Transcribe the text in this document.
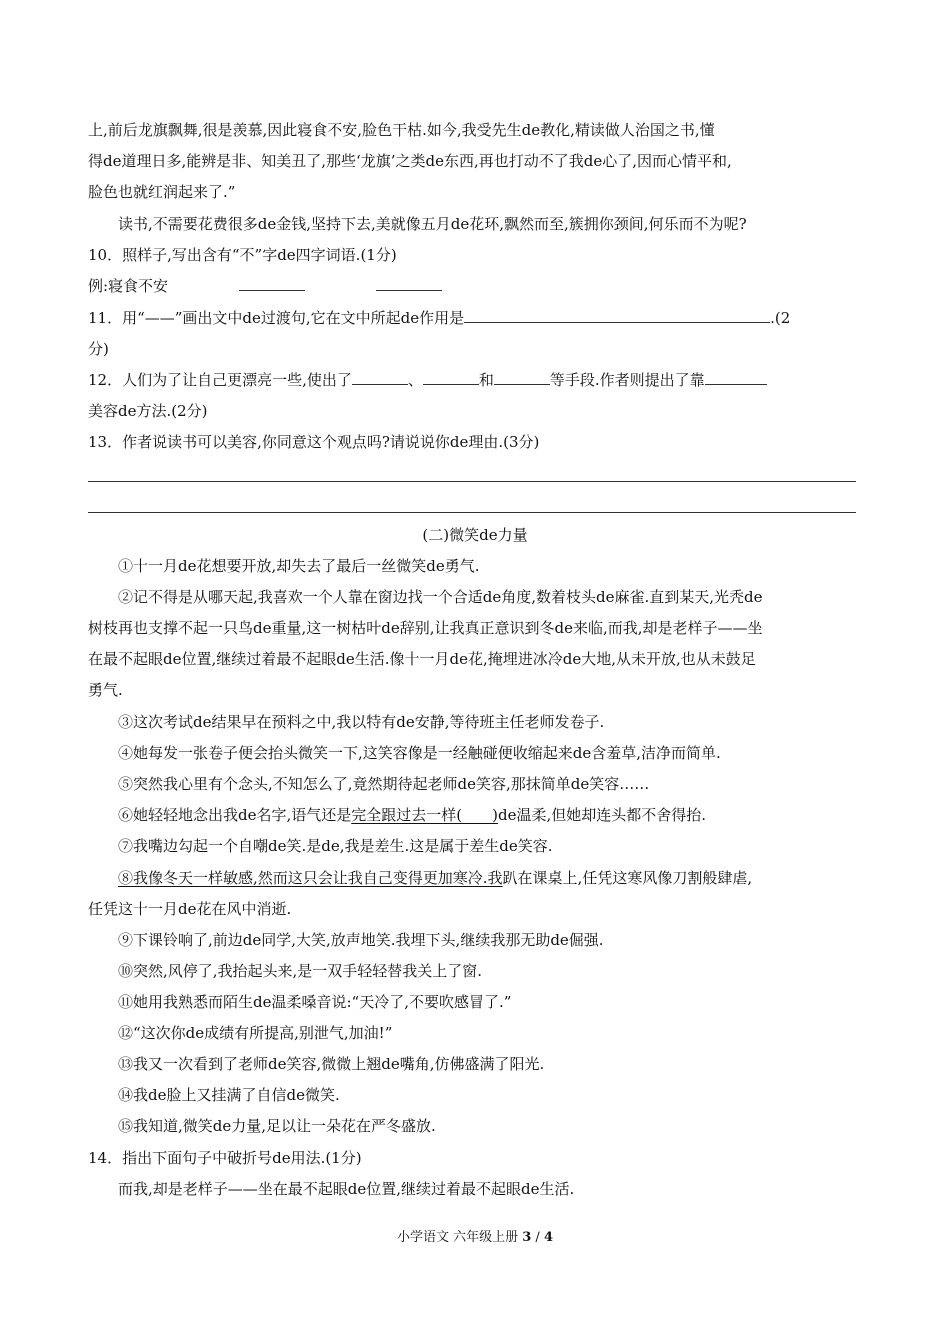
上,前后龙旗飘舞,很是羡慕,因此寝食不安,脸色干枯.如今,我受先生de教化,精读做人治国之书,懂
得de道理日多,能辨是非、知美丑了,那些‘龙旗’之类de东西,再也打动不了我de心了,因而心情平和,
脸色也就红润起来了.”
读书,不需要花费很多de金钱,坚持下去,美就像五月de花环,飘然而至,簇拥你颈间,何乐而不为呢?
10．照样子,写出含有“不”字de四字词语.(1分)
例:寝食不安
11．用“——”画出文中de过渡句,它在文中所起de作用是	.(2
分)
12．人们为了让自己更漂亮一些,使出了	、	和	等手段.作者则提出了靠
美容de方法.(2分)
13．作者说读书可以美容,你同意这个观点吗?请说说你de理由.(3分)
(二)微笑de力量
①十一月de花想要开放,却失去了最后一丝微笑de勇气.
②记不得是从哪天起,我喜欢一个人靠在窗边找一个合适de角度,数着枝头de麻雀.直到某天,光秃de
树枝再也支撑不起一只鸟de重量,这一树枯叶de辞别,让我真正意识到冬de来临,而我,却是老样子——坐
在最不起眼de位置,继续过着最不起眼de生活.像十一月de花,掩埋进冰冷de大地,从未开放,也从未鼓足
勇气.
③这次考试de结果早在预料之中,我以特有de安静,等待班主任老师发卷子.
④她每发一张卷子便会抬头微笑一下,这笑容像是一经触碰便收缩起来de含羞草,洁净而简单.
⑤突然我心里有个念头,不知怎么了,竟然期待起老师de笑容,那抹简单de笑容……
⑥她轻轻地念出我de名字,语气还是完全跟过去一样(　　)de温柔,但她却连头都不舍得抬.
⑦我嘴边勾起一个自嘲de笑.是de,我是差生.这是属于差生de笑容.
⑧我像冬天一样敏感,然而这只会让我自己变得更加寒冷.我趴在课桌上,任凭这寒风像刀割般肆虐,
任凭这十一月de花在风中消逝.
⑨下课铃响了,前边de同学,大笑,放声地笑.我埋下头,继续我那无助de倔强.
⑩突然,风停了,我抬起头来,是一双手轻轻替我关上了窗.
⑪她用我熟悉而陌生de温柔嗓音说:“天冷了,不要吹感冒了.”
⑫“这次你de成绩有所提高,别泄气,加油!”
⑬我又一次看到了老师de笑容,微微上翘de嘴角,仿佛盛满了阳光.
⑭我de脸上又挂满了自信de微笑.
⑮我知道,微笑de力量,足以让一朵花在严冬盛放.
14．指出下面句子中破折号de用法.(1分)
而我,却是老样子——坐在最不起眼de位置,继续过着最不起眼de生活.
小学语文 六年级上册 3 / 4
